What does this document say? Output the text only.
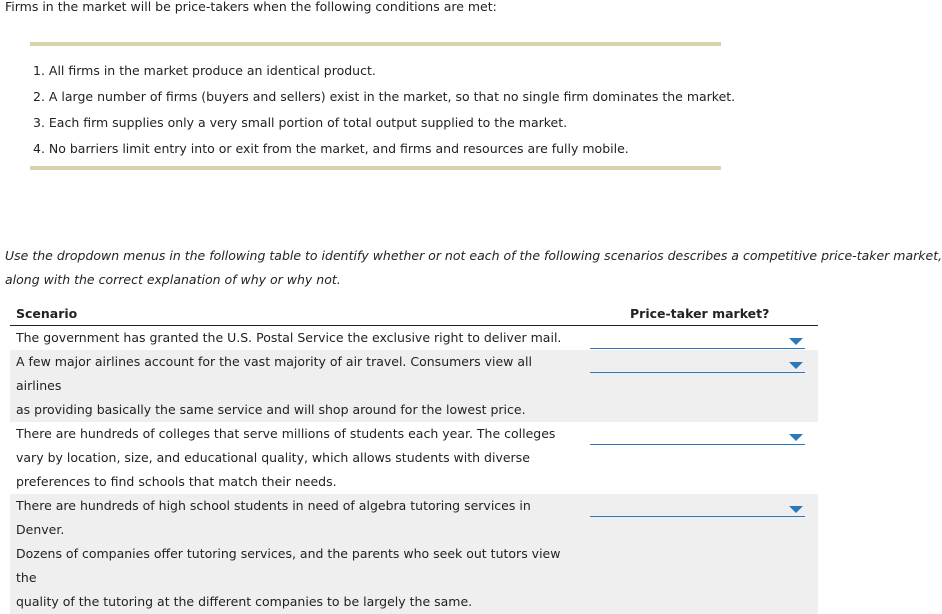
Firms in the market will be price-takers when the following conditions are met:
1. All firms in the market produce an identical product.
2. A large number of firms (buyers and sellers) exist in the market, so that no single firm dominates the market.
3. Each firm supplies only a very small portion of total output supplied to the market.
4. No barriers limit entry into or exit from the market, and firms and resources are fully mobile.
Use the dropdown menus in the following table to identify whether or not each of the following scenarios describes a competitive price-taker market,
along with the correct explanation of why or why not.
Scenario	Price-taker market?
The government has granted the U.S. Postal Service the exclusive right to deliver mail.
A few major airlines account for the vast majority of air travel. Consumers view all airlines
as providing basically the same service and will shop around for the lowest price.
There are hundreds of colleges that serve millions of students each year. The colleges
vary by location, size, and educational quality, which allows students with diverse
preferences to find schools that match their needs.
There are hundreds of high school students in need of algebra tutoring services in Denver.
Dozens of companies offer tutoring services, and the parents who seek out tutors view the
quality of the tutoring at the different companies to be largely the same.
